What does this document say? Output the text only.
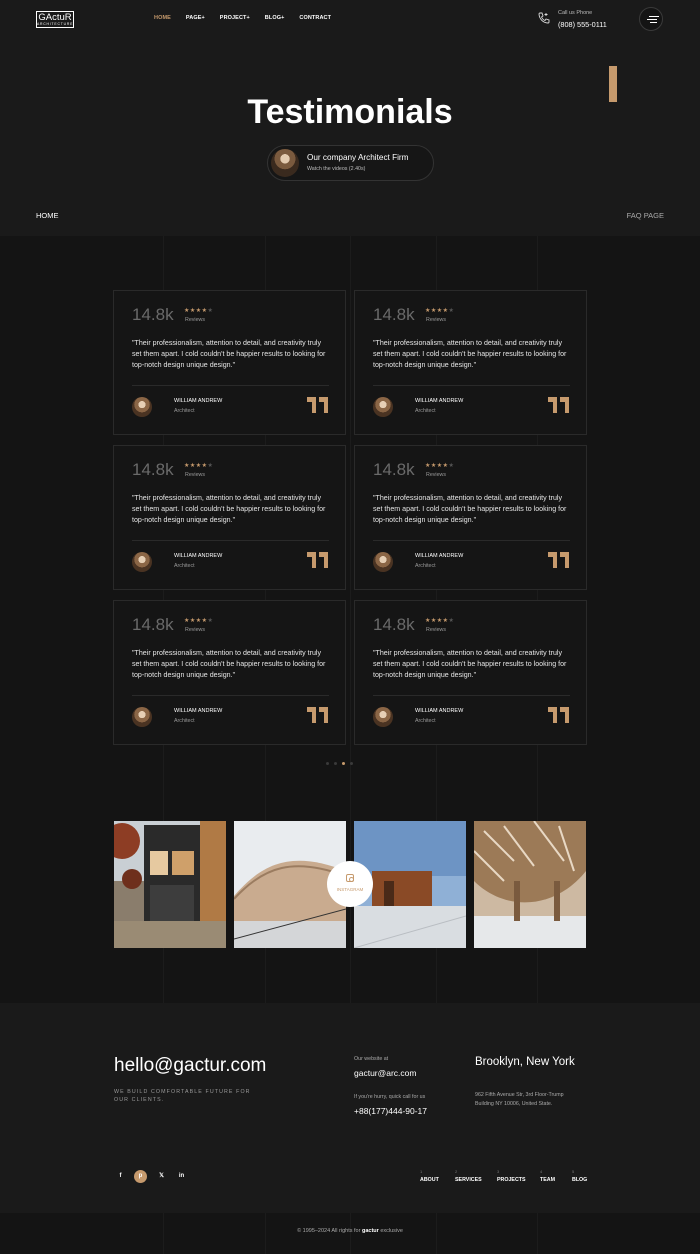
GActuR
ARCHITECTURE
HOME	PAGE+	PROJECT+	BLOG+	CONTRACT
Call us Phone
(808) 555-0111
Testimonials
Our company Architect Firm
Watch the videos (2.40s)
HOME	FAQ PAGE
14.8k ★★★★★
Reviews

"Their professionalism, attention to detail, and creativity truly set them apart. I cold couldn't be happier results to looking for top-notch design unique design."

WILLIAM ANDREW
Architect
14.8k ★★★★★
Reviews

"Their professionalism, attention to detail, and creativity truly set them apart. I cold couldn't be happier results to looking for top-notch design unique design."

WILLIAM ANDREW
Architect
14.8k ★★★★★
Reviews

"Their professionalism, attention to detail, and creativity truly set them apart. I cold couldn't be happier results to looking for top-notch design unique design."

WILLIAM ANDREW
Architect
14.8k ★★★★★
Reviews

"Their professionalism, attention to detail, and creativity truly set them apart. I cold couldn't be happier results to looking for top-notch design unique design."

WILLIAM ANDREW
Architect
14.8k ★★★★★
Reviews

"Their professionalism, attention to detail, and creativity truly set them apart. I cold couldn't be happier results to looking for top-notch design unique design."

WILLIAM ANDREW
Architect
14.8k ★★★★★
Reviews

"Their professionalism, attention to detail, and creativity truly set them apart. I cold couldn't be happier results to looking for top-notch design unique design."

WILLIAM ANDREW
Architect
INSTAGRAM
hello@gactur.com
WE BUILD COMFORTABLE FUTURE FOR OUR CLIENTS.
Our website at
gactur@arc.com
If you're hurry, quick call for us
+88(177)444-90-17
Brooklyn, New York
962 Fifth Avenue Str, 3rd Floor-Trump Building NY 10006, United State.
f	p	𝕏	in
1
ABOUT
2
SERVICES
3
PROJECTS
4
TEAM
5
BLOG
© 1995–2024 All rights for gactur exclusive
